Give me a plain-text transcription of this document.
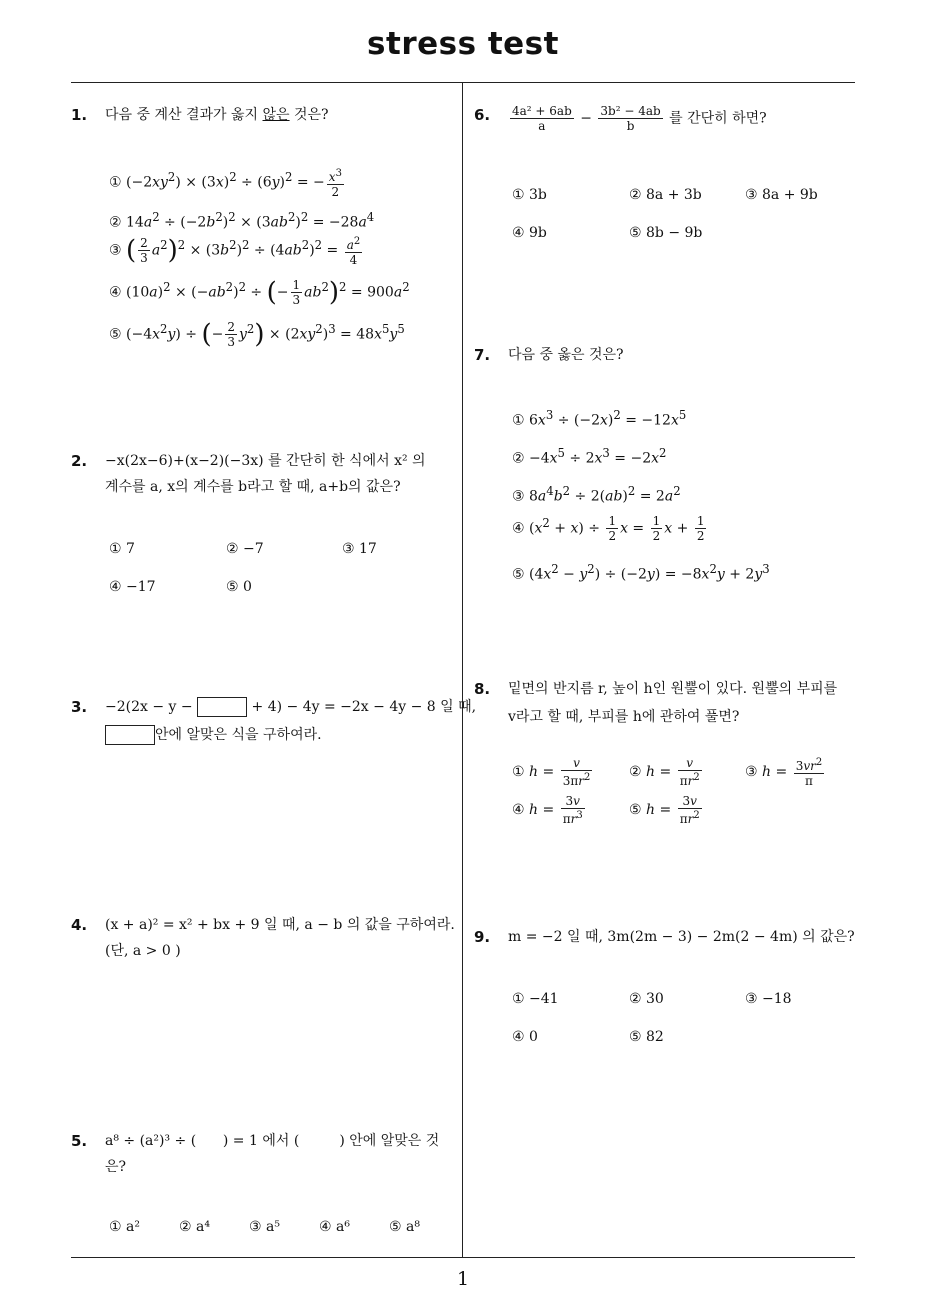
stress test
1
1. 다음 중 계산 결과가 옳지 않은 것은?
① $(-2xy^2) \times (3x)^2 \div (6y)^2$ = − $\frac{x^3}{2}$
② $14a^2 \div (-2b^2)^2 \times (3ab^2)^2 = -28a^4$
③ ( $\frac{2}{3} a^2)^2 \times (3b^2)^2 \div (4ab^2)^2 = \frac{a^2}{4}$
④ $(10a)^2 \times (-ab^2)^2$ ÷ (− $\frac{1}{3} ab^2)^2 = 900a^2$
⑤ $(-4x^2y)$ ÷ (− $\frac{2}{3} y^2) \times (2xy^2)^3 = 48x^5y^5$
2. −x(2x−6)+(x−2)(−3x) 를 간단히 한 식에서 x² 의
계수를 a, x의 계수를 b라고 할 때, a+b의 값은?
① 7	② −7	③ 17
④ −17	⑤ 0
3. −2(2x − y −	+ 4) − 4y = −2x − 4y − 8 일 때,
안에 알맞은 식을 구하여라.
4. (x + a)² = x² + bx + 9 일 때, a − b 의 값을 구하여라.
(단, a > 0 )
5. a⁸ ÷ (a²)³ ÷ (      ) = 1 에서 (         ) 안에 알맞은 것
은?
① a²	② a⁴	③ a⁵	④ a⁶	⑤ a⁸
6. $\frac{\text{4a² + 6ab}}{a} - \frac{\text{3b² − 4ab}}{b}$ 를 간단히 하면?
① 3b	② 8a + 3b	③ 8a + 9b
④ 9b	⑤ 8b − 9b
7. 다음 중 옳은 것은?
① $6x^3 \div (-2x)^2 = -12x^5$
② $-4x^5 \div 2x^3 = -2x^2$
③ $8a^4b^2 \div 2(ab)^2 = 2a^2$
④ $(x^2 + x) \div \frac{1}{2}$ $x = \frac{1}{2}$ $x + \frac{1}{2}$
⑤ $(4x^2 - y^2) \div (-2y) = -8x^2y + 2y^3$
8. 밑면의 반지름 r, 높이 h인 원뿔이 있다. 원뿔의 부피를
v라고 할 때, 부피를 h에 관하여 풀면?
① $h = \frac{v}{3\pi r^2}$	② $h = \frac{v}{\pi r^2}$	③ $h = \frac{3vr^2}{\pi}$
④ $h = \frac{3v}{\pi r^3}$	⑤ $h = \frac{3v}{\pi r^2}$
9. m = −2 일 때, 3m(2m − 3) − 2m(2 − 4m) 의 값은?
① −41	② 30	③ −18
④ 0	⑤ 82
